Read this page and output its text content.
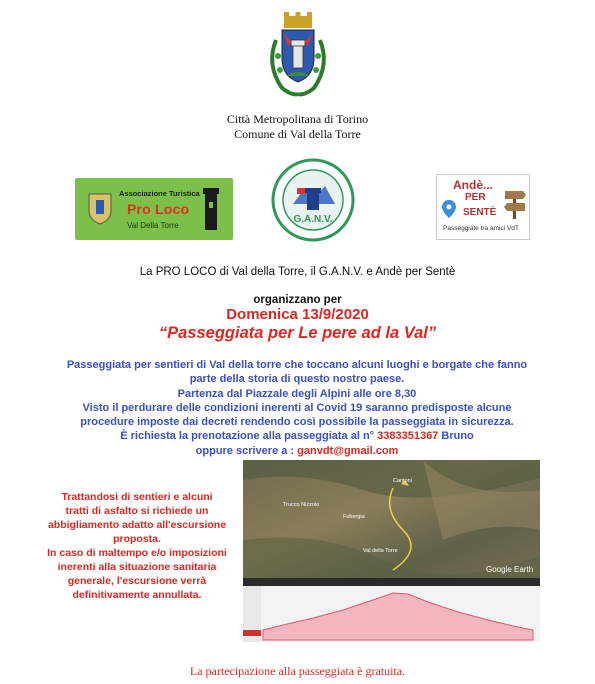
Città Metropolitana di Torino
Comune di Val della Torre
Associazione Turistica
Pro Loco
Val Della Torre
G.A.N.V.
Andè...
PER
SENTÈ
Passeggiate tra amici VdT
La PRO LOCO di Val della Torre, il G.A.N.V. e Andè per Sentè
organizzano per
Domenica 13/9/2020
“Passeggiata per Le pere ad la Val”
Passeggiata per sentieri di Val della torre che toccano alcuni luoghi e borgate che fanno
parte della storia di questo nostro paese.
Partenza dal Piazzale degli Alpini alle ore 8,30
Visto il perdurare delle condizioni inerenti al Covid 19 saranno predisposte alcune
procedure imposte dai decreti rendendo così possibile la passeggiata in sicurezza.
È richiesta la prenotazione alla passeggiata al n° 3383351367 Bruno
oppure scrivere a : ganvdt@gmail.com
Trattandosi di sentieri e alcuni
tratti di asfalto si richiede un
abbigliamento adatto all'escursione
proposta.
In caso di maltempo e/o imposizioni
inerenti alla situazione sanitaria
generale, l'escursione verrà
definitivamente annullata.
Trucco Nizzolo
Fubergia
Val della Torre
Cantoni
Google Earth
La partecipazione alla passeggiata è gratuita.
